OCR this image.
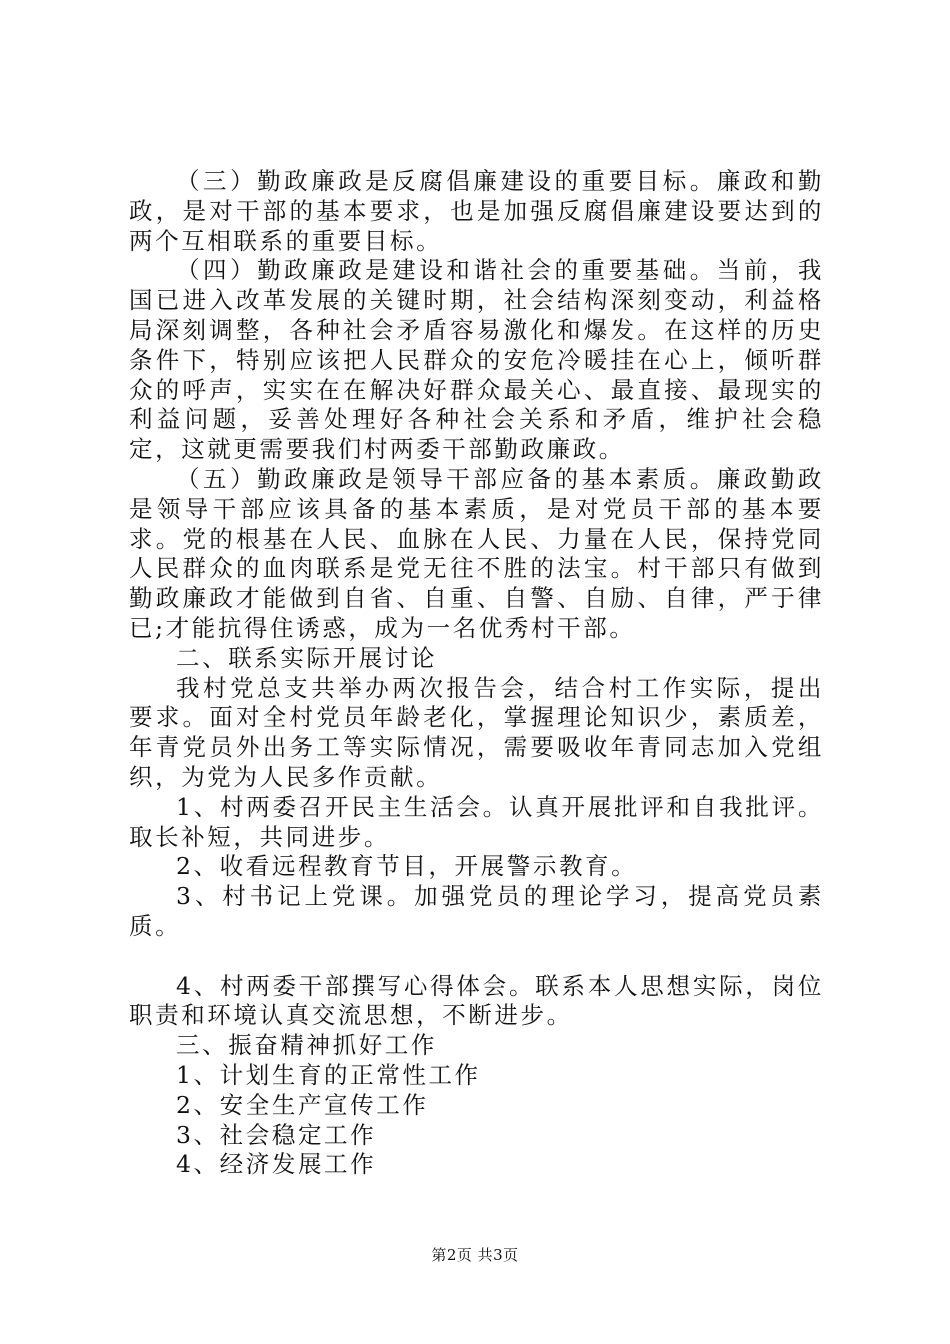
（三）勤政廉政是反腐倡廉建设的重要目标。廉政和勤政，是对干部的基本要求，也是加强反腐倡廉建设要达到的两个互相联系的重要目标。

（四）勤政廉政是建设和谐社会的重要基础。当前，我国已进入改革发展的关键时期，社会结构深刻变动，利益格局深刻调整，各种社会矛盾容易激化和爆发。在这样的历史条件下，特别应该把人民群众的安危冷暖挂在心上，倾听群众的呼声，实实在在解决好群众最关心、最直接、最现实的利益问题，妥善处理好各种社会关系和矛盾，维护社会稳定，这就更需要我们村两委干部勤政廉政。

（五）勤政廉政是领导干部应备的基本素质。廉政勤政是领导干部应该具备的基本素质，是对党员干部的基本要求。党的根基在人民、血脉在人民、力量在人民，保持党同人民群众的血肉联系是党无往不胜的法宝。村干部只有做到勤政廉政才能做到自省、自重、自警、自励、自律，严于律已;才能抗得住诱惑，成为一名优秀村干部。

二、联系实际开展讨论

我村党总支共举办两次报告会，结合村工作实际，提出要求。面对全村党员年龄老化，掌握理论知识少，素质差，年青党员外出务工等实际情况，需要吸收年青同志加入党组织，为党为人民多作贡献。

1、村两委召开民主生活会。认真开展批评和自我批评。取长补短，共同进步。

2、收看远程教育节目，开展警示教育。

3、村书记上党课。加强党员的理论学习，提高党员素质。

4、村两委干部撰写心得体会。联系本人思想实际，岗位职责和环境认真交流思想，不断进步。

三、振奋精神抓好工作

1、计划生育的正常性工作

2、安全生产宣传工作

3、社会稳定工作

4、经济发展工作

第2页 共3页
